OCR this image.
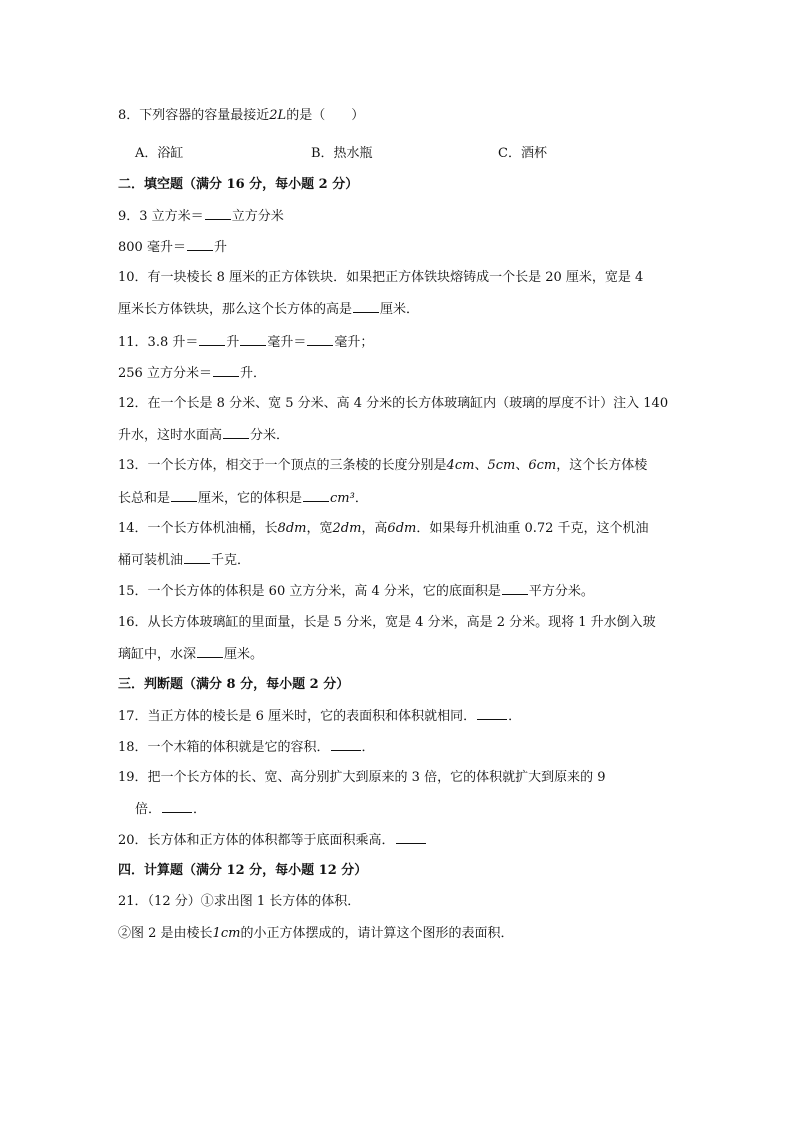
8．下列容器的容量最接近2L的是（　　）
A．浴缸	B．热水瓶	C．酒杯
二．填空题（满分 16 分，每小题 2 分）
9．3 立方米＝ 立方分米
800 毫升＝ 升
10．有一块棱长 8 厘米的正方体铁块．如果把正方体铁块熔铸成一个长是 20 厘米，宽是 4
厘米长方体铁块，那么这个长方体的高是 厘米．
11．3.8 升＝ 升 毫升＝ 毫升；
256 立方分米＝ 升．
12．在一个长是 8 分米、宽 5 分米、高 4 分米的长方体玻璃缸内（玻璃的厚度不计）注入 140
升水，这时水面高 分米．
13．一个长方体，相交于一个顶点的三条棱的长度分别是4cm、5cm、6cm，这个长方体棱
长总和是 厘米，它的体积是 cm³．
14．一个长方体机油桶，长8dm，宽2dm，高6dm．如果每升机油重 0.72 千克，这个机油
桶可装机油 千克．
15．一个长方体的体积是 60 立方分米，高 4 分米，它的底面积是 平方分米。
16．从长方体玻璃缸的里面量，长是 5 分米，宽是 4 分米，高是 2 分米。现将 1 升水倒入玻
璃缸中，水深 厘米。
三．判断题（满分 8 分，每小题 2 分）
17．当正方体的棱长是 6 厘米时，它的表面积和体积就相同． ．
18．一个木箱的体积就是它的容积． ．
19．把一个长方体的长、宽、高分别扩大到原来的 3 倍，它的体积就扩大到原来的 9
倍． ．
20．长方体和正方体的体积都等于底面积乘高．
四．计算题（满分 12 分，每小题 12 分）
21．（12 分）①求出图 1 长方体的体积．
②图 2 是由棱长1cm的小正方体摆成的，请计算这个图形的表面积．
